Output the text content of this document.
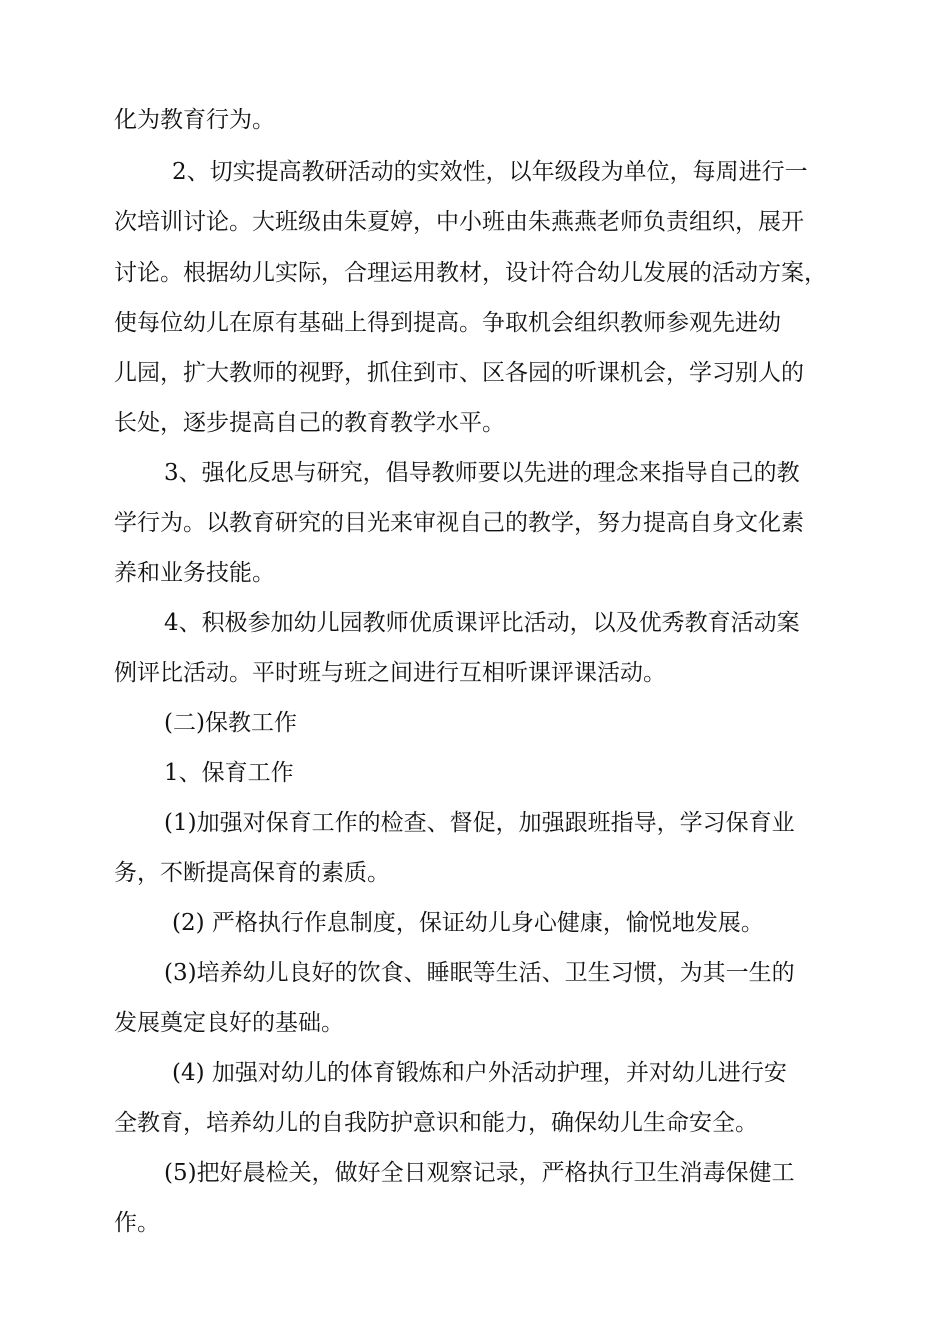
化为教育行为。
2、切实提高教研活动的实效性，以年级段为单位，每周进行一
次培训讨论。大班级由朱夏婷，中小班由朱燕燕老师负责组织，展开
讨论。根据幼儿实际，合理运用教材，设计符合幼儿发展的活动方案，
使每位幼儿在原有基础上得到提高。争取机会组织教师参观先进幼
儿园，扩大教师的视野，抓住到市、区各园的听课机会，学习别人的
长处，逐步提高自己的教育教学水平。
3、强化反思与研究，倡导教师要以先进的理念来指导自己的教
学行为。以教育研究的目光来审视自己的教学，努力提高自身文化素
养和业务技能。
4、积极参加幼儿园教师优质课评比活动，以及优秀教育活动案
例评比活动。平时班与班之间进行互相听课评课活动。
(二)保教工作
1、保育工作
(1)加强对保育工作的检查、督促，加强跟班指导，学习保育业
务，不断提高保育的素质。
(2) 严格执行作息制度，保证幼儿身心健康，愉悦地发展。
(3)培养幼儿良好的饮食、睡眠等生活、卫生习惯，为其一生的
发展奠定良好的基础。
(4) 加强对幼儿的体育锻炼和户外活动护理，并对幼儿进行安
全教育，培养幼儿的自我防护意识和能力，确保幼儿生命安全。
(5)把好晨检关，做好全日观察记录，严格执行卫生消毒保健工
作。
